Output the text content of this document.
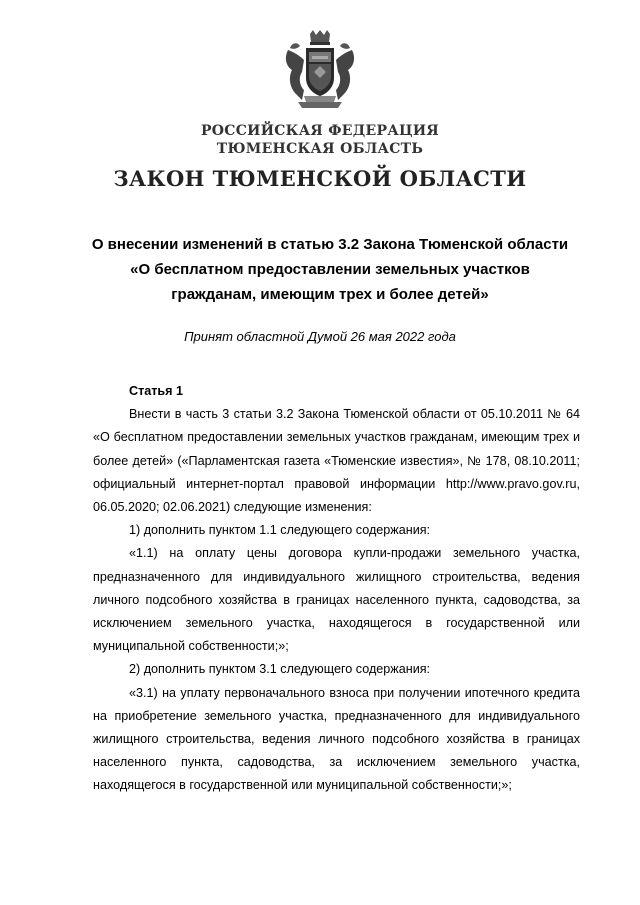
РОССИЙСКАЯ ФЕДЕРАЦИЯ
ТЮМЕНСКАЯ ОБЛАСТЬ
ЗАКОН ТЮМЕНСКОЙ ОБЛАСТИ
О внесении изменений в статью 3.2 Закона Тюменской области
«О бесплатном предоставлении земельных участков
гражданам, имеющим трех и более детей»
Принят областной Думой 26 мая 2022 года

Статья 1

Внести в часть 3 статьи 3.2 Закона Тюменской области от 05.10.2011 № 64 «О бесплатном предоставлении земельных участков гражданам, имеющим трех и более детей» («Парламентская газета «Тюменские известия», № 178, 08.10.2011; официальный интернет-портал правовой информации http://www.pravo.gov.ru, 06.05.2020; 02.06.2021) следующие изменения:

1) дополнить пунктом 1.1 следующего содержания:

«1.1) на оплату цены договора купли-продажи земельного участка, предназначенного для индивидуального жилищного строительства, ведения личного подсобного хозяйства в границах населенного пункта, садоводства, за исключением земельного участка, находящегося в государственной или муниципальной собственности;»;

2) дополнить пунктом 3.1 следующего содержания:

«3.1) на уплату первоначального взноса при получении ипотечного кредита на приобретение земельного участка, предназначенного для индивидуального жилищного строительства, ведения личного подсобного хозяйства в границах населенного пункта, садоводства, за исключением земельного участка, находящегося в государственной или муниципальной собственности;»;
